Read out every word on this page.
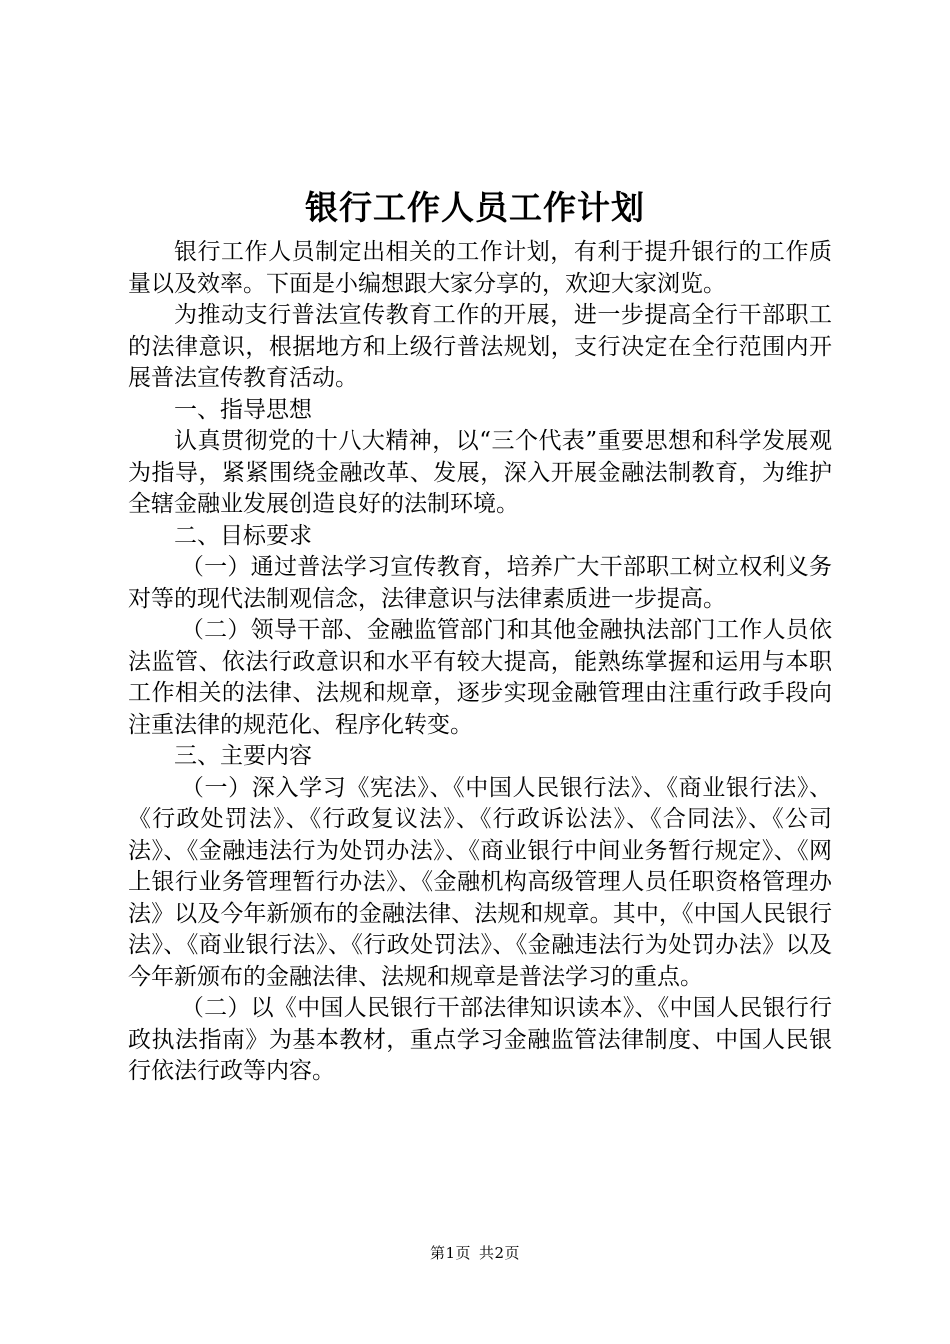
银行工作人员工作计划

银行工作人员制定出相关的工作计划，有利于提升银行的工作质量以及效率。下面是小编想跟大家分享的，欢迎大家浏览。

为推动支行普法宣传教育工作的开展，进一步提高全行干部职工的法律意识，根据地方和上级行普法规划，支行决定在全行范围内开展普法宣传教育活动。

一、指导思想

认真贯彻党的十八大精神，以“三个代表”重要思想和科学发展观为指导，紧紧围绕金融改革、发展，深入开展金融法制教育，为维护全辖金融业发展创造良好的法制环境。

二、目标要求

（一）通过普法学习宣传教育，培养广大干部职工树立权利义务对等的现代法制观信念，法律意识与法律素质进一步提高。

（二）领导干部、金融监管部门和其他金融执法部门工作人员依法监管、依法行政意识和水平有较大提高，能熟练掌握和运用与本职工作相关的法律、法规和规章，逐步实现金融管理由注重行政手段向注重法律的规范化、程序化转变。

三、主要内容

（一）深入学习《宪法》、《中国人民银行法》、《商业银行法》、《行政处罚法》、《行政复议法》、《行政诉讼法》、《合同法》、《公司法》、《金融违法行为处罚办法》、《商业银行中间业务暂行规定》、《网上银行业务管理暂行办法》、《金融机构高级管理人员任职资格管理办法》以及今年新颁布的金融法律、法规和规章。其中，《中国人民银行法》、《商业银行法》、《行政处罚法》、《金融违法行为处罚办法》以及今年新颁布的金融法律、法规和规章是普法学习的重点。

（二）以《中国人民银行干部法律知识读本》、《中国人民银行行政执法指南》为基本教材，重点学习金融监管法律制度、中国人民银行依法行政等内容。

第1页 共2页
